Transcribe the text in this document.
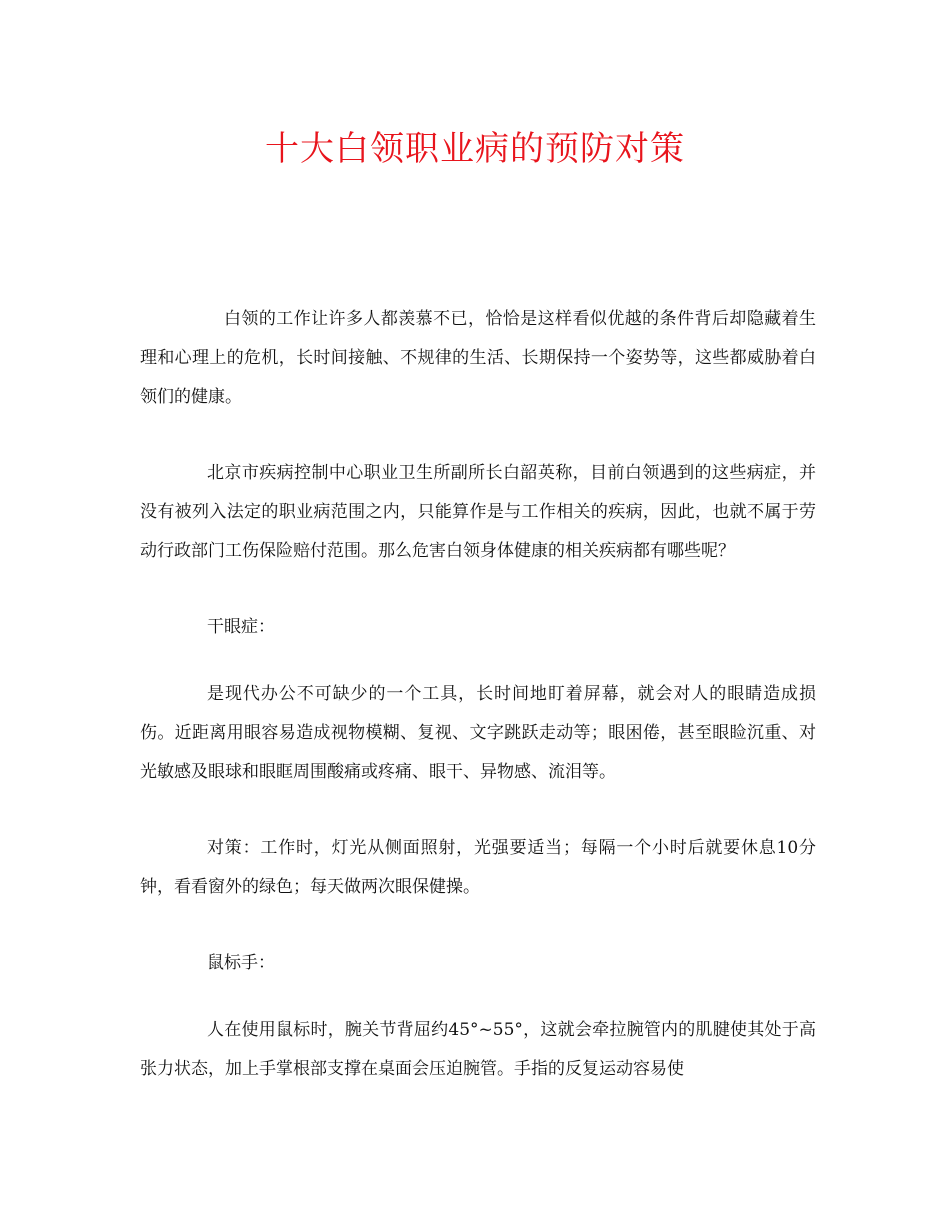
十大白领职业病的预防对策

白领的工作让许多人都羡慕不已，恰恰是这样看似优越的条件背后却隐藏着生理和心理上的危机，长时间接触、不规律的生活、长期保持一个姿势等，这些都威胁着白领们的健康。

北京市疾病控制中心职业卫生所副所长白韶英称，目前白领遇到的这些病症，并没有被列入法定的职业病范围之内，只能算作是与工作相关的疾病，因此，也就不属于劳动行政部门工伤保险赔付范围。那么危害白领身体健康的相关疾病都有哪些呢？

干眼症：

是现代办公不可缺少的一个工具，长时间地盯着屏幕，就会对人的眼睛造成损伤。近距离用眼容易造成视物模糊、复视、文字跳跃走动等；眼困倦，甚至眼睑沉重、对光敏感及眼球和眼眶周围酸痛或疼痛、眼干、异物感、流泪等。

对策：工作时，灯光从侧面照射，光强要适当；每隔一个小时后就要休息10分钟，看看窗外的绿色；每天做两次眼保健操。

鼠标手：

人在使用鼠标时，腕关节背屈约45°~55°，这就会牵拉腕管内的肌腱使其处于高张力状态，加上手掌根部支撑在桌面会压迫腕管。手指的反复运动容易使
